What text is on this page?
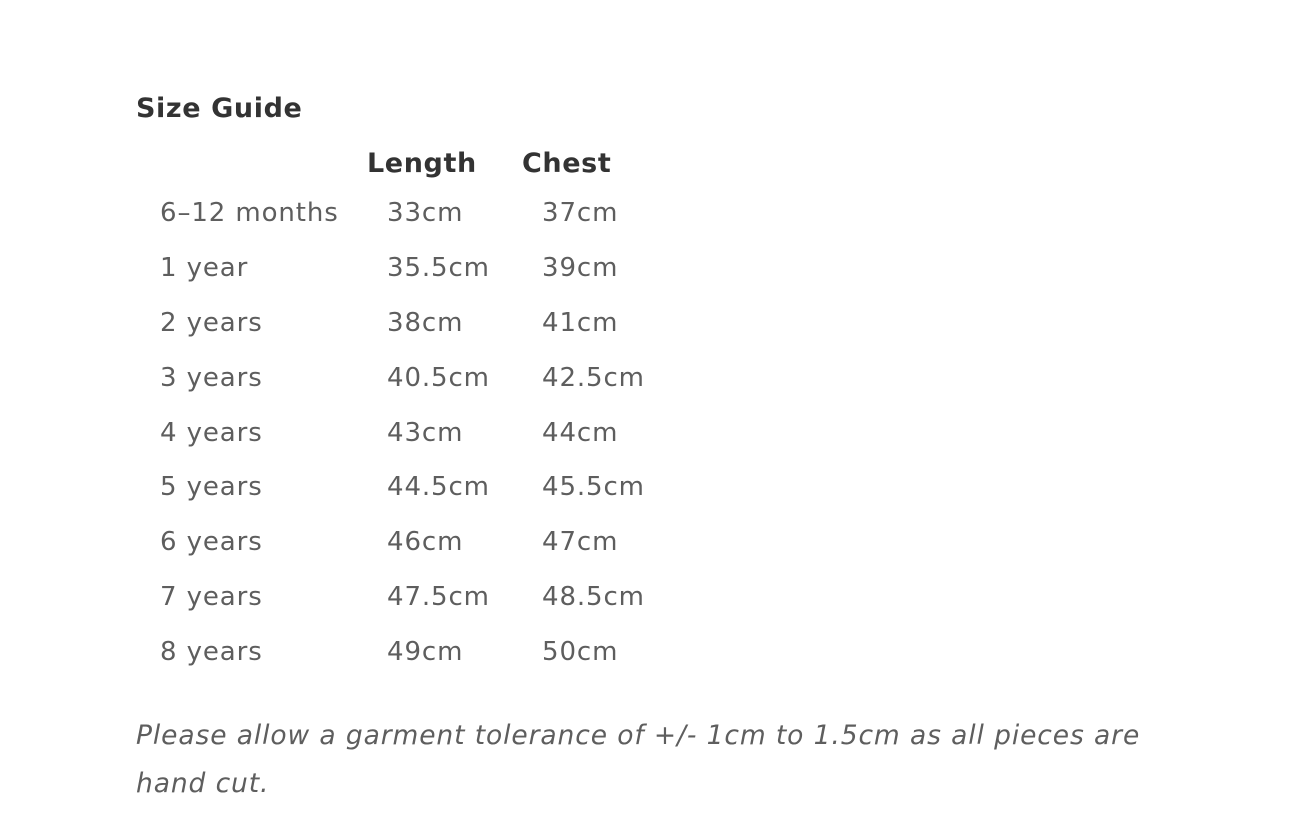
Size Guide
	Length	Chest
6–12 months	33cm	37cm
1 year	35.5cm	39cm
2 years	38cm	41cm
3 years	40.5cm	42.5cm
4 years	43cm	44cm
5 years	44.5cm	45.5cm
6 years	46cm	47cm
7 years	47.5cm	48.5cm
8 years	49cm	50cm

Please allow a garment tolerance of +/- 1cm to 1.5cm as all pieces are hand cut.
